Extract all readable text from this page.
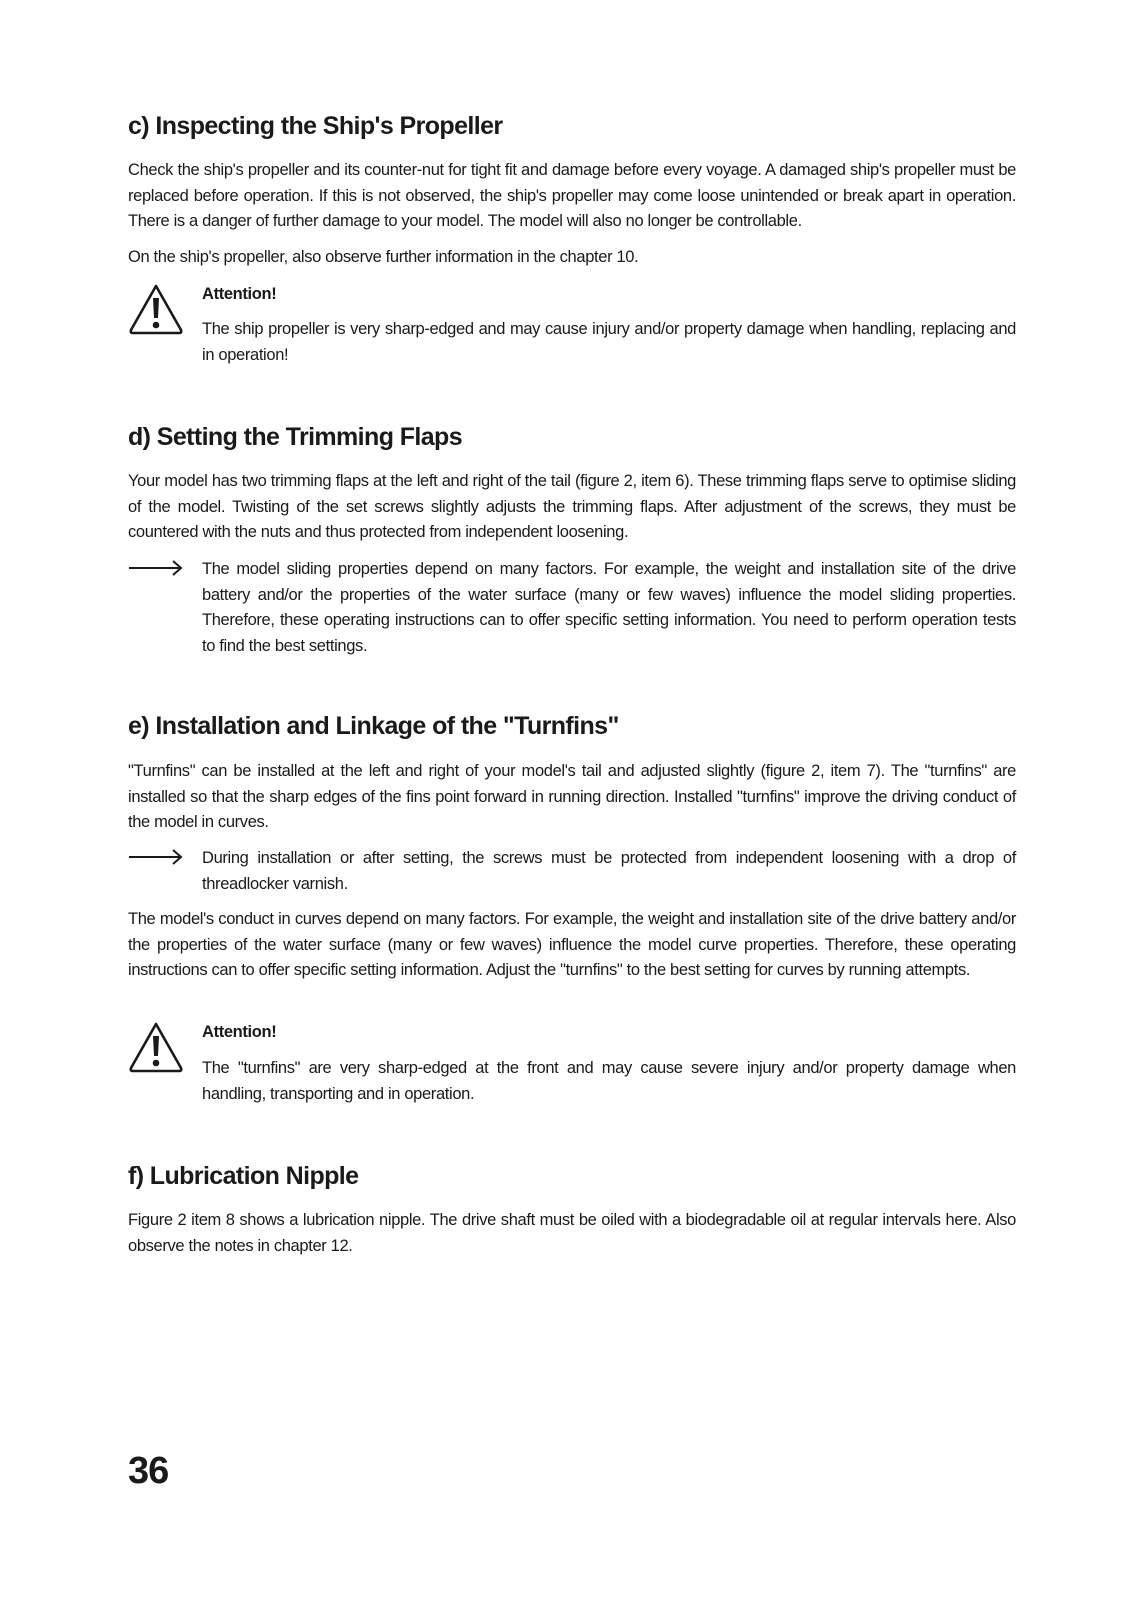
c) Inspecting the Ship's Propeller

Check the ship's propeller and its counter-nut for tight fit and damage before every voyage. A damaged ship's propeller must be replaced before operation. If this is not observed, the ship's propeller may come loose unintended or break apart in operation. There is a danger of further damage to your model. The model will also no longer be controllable.

On the ship's propeller, also observe further information in the chapter 10.

Attention!

The ship propeller is very sharp-edged and may cause injury and/or property damage when handling, replacing and in operation!

d) Setting the Trimming Flaps

Your model has two trimming flaps at the left and right of the tail (figure 2, item 6). These trimming flaps serve to optimise sliding of the model. Twisting of the set screws slightly adjusts the trimming flaps. After adjustment of the screws, they must be countered with the nuts and thus protected from independent loosening.

The model sliding properties depend on many factors. For example, the weight and installation site of the drive battery and/or the properties of the water surface (many or few waves) influence the model sliding properties. Therefore, these operating instructions can to offer specific setting information. You need to perform operation tests to find the best settings.

e) Installation and Linkage of the "Turnfins"

"Turnfins" can be installed at the left and right of your model's tail and adjusted slightly (figure 2, item 7). The "turnfins" are installed so that the sharp edges of the fins point forward in running direction. Installed "turnfins" improve the driving conduct of the model in curves.

During installation or after setting, the screws must be protected from independent loosening with a drop of threadlocker varnish.

The model's conduct in curves depend on many factors. For example, the weight and installation site of the drive battery and/or the properties of the water surface (many or few waves) influence the model curve properties. Therefore, these operating instructions can to offer specific setting information. Adjust the "turnfins" to the best setting for curves by running attempts.

Attention!

The "turnfins" are very sharp-edged at the front and may cause severe injury and/or property damage when handling, transporting and in operation.

f) Lubrication Nipple

Figure 2 item 8 shows a lubrication nipple. The drive shaft must be oiled with a biodegradable oil at regular intervals here. Also observe the notes in chapter 12.

36
